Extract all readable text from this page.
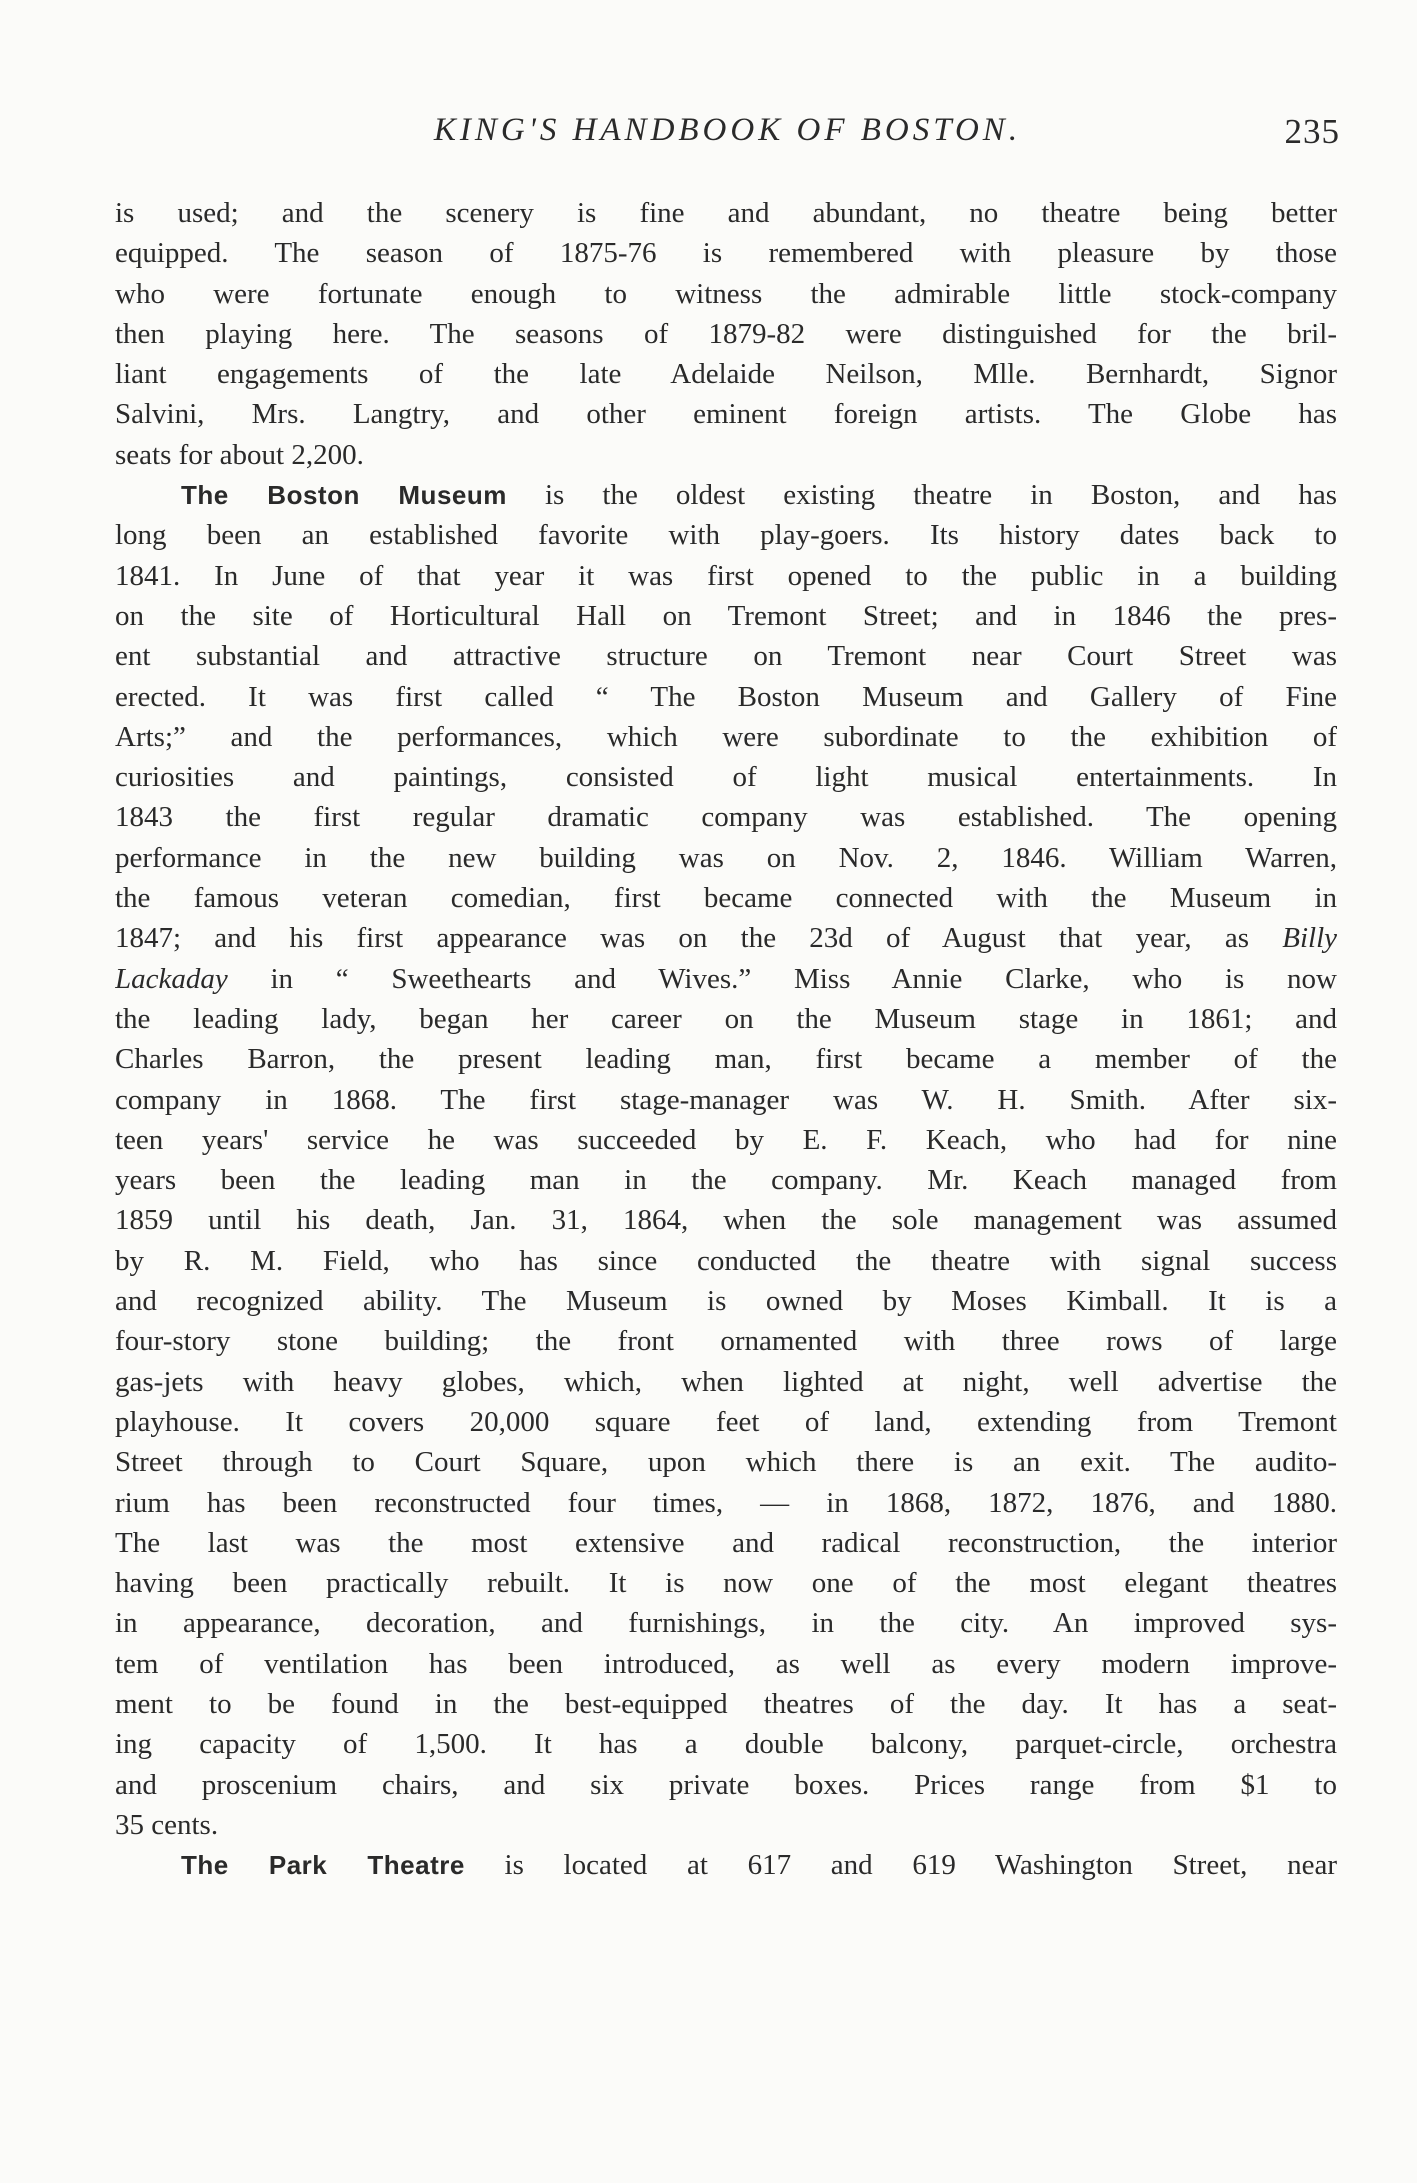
KING'S HANDBOOK OF BOSTON.	235
is used; and the scenery is fine and abundant, no theatre being better
equipped. The season of 1875-76 is remembered with pleasure by those
who were fortunate enough to witness the admirable little stock-company
then playing here. The seasons of 1879-82 were distinguished for the bril-
liant engagements of the late Adelaide Neilson, Mlle. Bernhardt, Signor
Salvini, Mrs. Langtry, and other eminent foreign artists. The Globe has
seats for about 2,200.
The Boston Museum is the oldest existing theatre in Boston, and has
long been an established favorite with play-goers. Its history dates back to
1841. In June of that year it was first opened to the public in a building
on the site of Horticultural Hall on Tremont Street; and in 1846 the pres-
ent substantial and attractive structure on Tremont near Court Street was
erected. It was first called “ The Boston Museum and Gallery of Fine
Arts;” and the performances, which were subordinate to the exhibition of
curiosities and paintings, consisted of light musical entertainments. In
1843 the first regular dramatic company was established. The opening
performance in the new building was on Nov. 2, 1846. William Warren,
the famous veteran comedian, first became connected with the Museum in
1847; and his first appearance was on the 23d of August that year, as Billy
Lackaday in “ Sweethearts and Wives.” Miss Annie Clarke, who is now
the leading lady, began her career on the Museum stage in 1861; and
Charles Barron, the present leading man, first became a member of the
company in 1868. The first stage-manager was W. H. Smith. After six-
teen years' service he was succeeded by E. F. Keach, who had for nine
years been the leading man in the company. Mr. Keach managed from
1859 until his death, Jan. 31, 1864, when the sole management was assumed
by R. M. Field, who has since conducted the theatre with signal success
and recognized ability. The Museum is owned by Moses Kimball. It is a
four-story stone building; the front ornamented with three rows of large
gas-jets with heavy globes, which, when lighted at night, well advertise the
playhouse. It covers 20,000 square feet of land, extending from Tremont
Street through to Court Square, upon which there is an exit. The audito-
rium has been reconstructed four times, — in 1868, 1872, 1876, and 1880.
The last was the most extensive and radical reconstruction, the interior
having been practically rebuilt. It is now one of the most elegant theatres
in appearance, decoration, and furnishings, in the city. An improved sys-
tem of ventilation has been introduced, as well as every modern improve-
ment to be found in the best-equipped theatres of the day. It has a seat-
ing capacity of 1,500. It has a double balcony, parquet-circle, orchestra
and proscenium chairs, and six private boxes. Prices range from $1 to
35 cents.
The Park Theatre is located at 617 and 619 Washington Street, near
